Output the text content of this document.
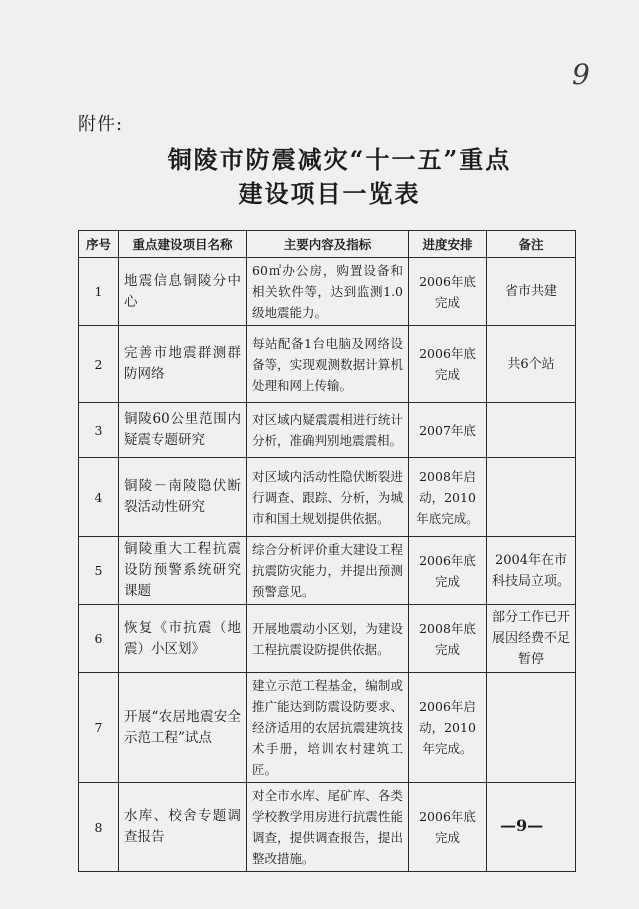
9
附件:
铜陵市防震减灾“十一五”重点
建设项目一览表
序号	重点建设项目名称	主要内容及指标	进度安排	备注
1	地震信息铜陵分中心	60㎡办公房，购置设备和相关软件等，达到监测1.0级地震能力。	2006年底完成	省市共建
2	完善市地震群测群防网络	每站配备1台电脑及网络设备等，实现观测数据计算机处理和网上传输。	2006年底完成	共6个站
3	铜陵60公里范围内疑震专题研究	对区域内疑震震相进行统计分析，准确判别地震震相。	2007年底	
4	铜陵－南陵隐伏断裂活动性研究	对区域内活动性隐伏断裂进行调查、跟踪、分析，为城市和国土规划提供依据。	2008年启动，2010年底完成。	
5	铜陵重大工程抗震设防预警系统研究课题	综合分析评价重大建设工程抗震防灾能力，并提出预测预警意见。	2006年底完成	2004年在市科技局立项。
6	恢复《市抗震（地震）小区划》	开展地震动小区划，为建设工程抗震设防提供依据。	2008年底完成	部分工作已开展因经费不足暂停
7	开展“农居地震安全示范工程”试点	建立示范工程基金，编制或推广能达到防震设防要求、经济适用的农居抗震建筑技术手册，培训农村建筑工匠。	2006年启动，2010年完成。	
8	水库、校舍专题调查报告	对全市水库、尾矿库、各类学校教学用房进行抗震性能调查，提供调查报告，提出整改措施。	2006年底完成	
—9—
